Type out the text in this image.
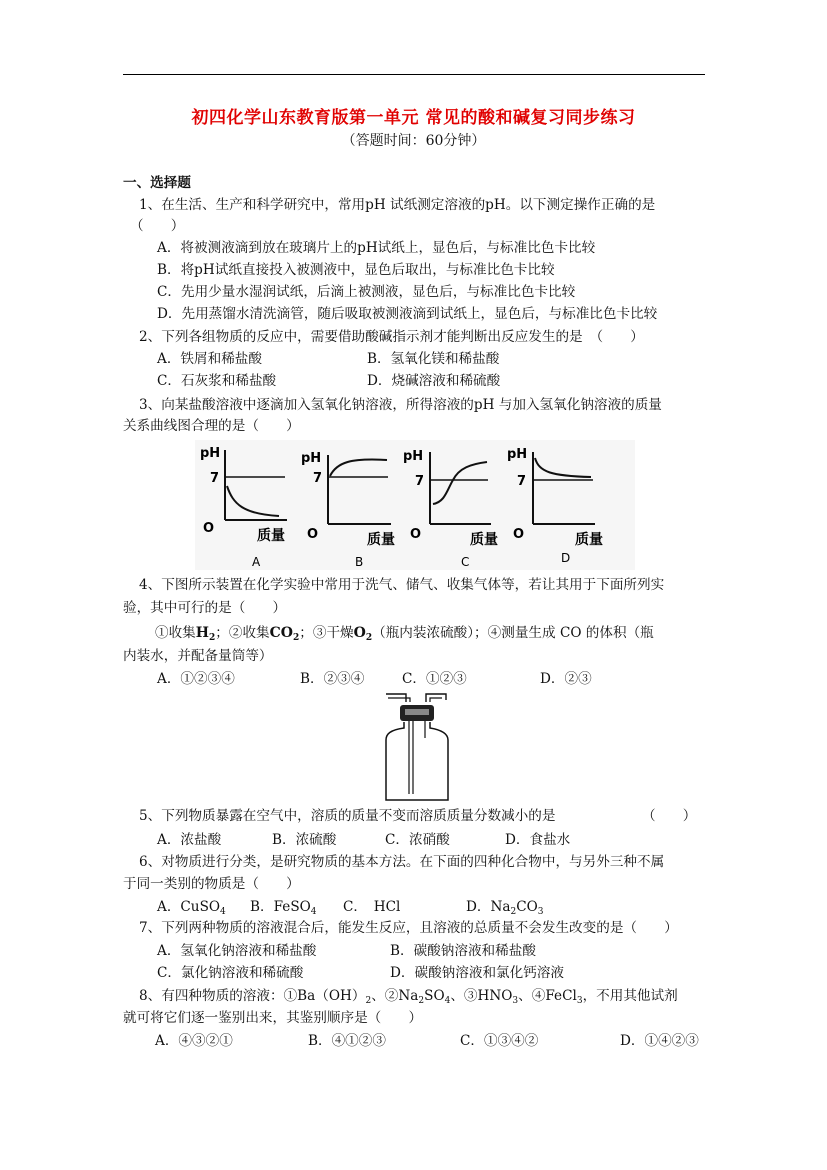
初四化学山东教育版第一单元 常见的酸和碱复习同步练习
（答题时间：60分钟）
一、选择题
1、在生活、生产和科学研究中，常用pH 试纸测定溶液的pH。以下测定操作正确的是
（　　）
A．将被测液滴到放在玻璃片上的pH试纸上，显色后，与标准比色卡比较
B．将pH试纸直接投入被测液中，显色后取出，与标准比色卡比较
C．先用少量水湿润试纸，后滴上被测液，显色后，与标准比色卡比较
D．先用蒸馏水清洗滴管，随后吸取被测液滴到试纸上，显色后，与标准比色卡比较
2、下列各组物质的反应中，需要借助酸碱指示剂才能判断出反应发生的是　（　　）
A．铁屑和稀盐酸	B．氢氧化镁和稀盐酸
C．石灰浆和稀盐酸	D．烧碱溶液和稀硫酸
3、向某盐酸溶液中逐滴加入氢氧化钠溶液，所得溶液的pH 与加入氢氧化钠溶液的质量
关系曲线图合理的是（　　）
pH
7
O	质量
A
pH
7
O	质量
pH
7
O	质量
C
pH
7
O	质量
D
B
4、下图所示装置在化学实验中常用于洗气、储气、收集气体等，若让其用于下面所列实
验，其中可行的是（　　）
①收集$H_2$；②收集$CO_2$；③干燥$O_2$（瓶内装浓硫酸）；④测量生成 CO 的体积（瓶
内装水，并配备量筒等）
A．①②③④	B．②③④	C．①②③	D．②③
5、下列物质暴露在空气中，溶质的质量不变而溶质质量分数减小的是	（　　）
A．浓盐酸	B．浓硫酸	C．浓硝酸	D．食盐水
6、对物质进行分类，是研究物质的基本方法。在下面的四种化合物中，与另外三种不属
于同一类别的物质是（　　）
A．CuSO$_4$ B．FeSO$_4$ C．　HCl	D．$Na_2CO_3$
7、下列两种物质的溶液混合后，能发生反应，且溶液的总质量不会发生改变的是（　　）
A．氢氧化钠溶液和稀盐酸	B．碳酸钠溶液和稀盐酸
C．氯化钠溶液和稀硫酸	D．碳酸钠溶液和氯化钙溶液
8、有四种物质的溶液：$①Ba(OH)_2$、$②Na_2SO_4$、$③HNO_3$、④FeCl$_3$，不用其他试剂
就可将它们逐一鉴别出来，其鉴别顺序是（　　）
A．④③②①	B．④①②③	C．①③④②	D．①④②③
